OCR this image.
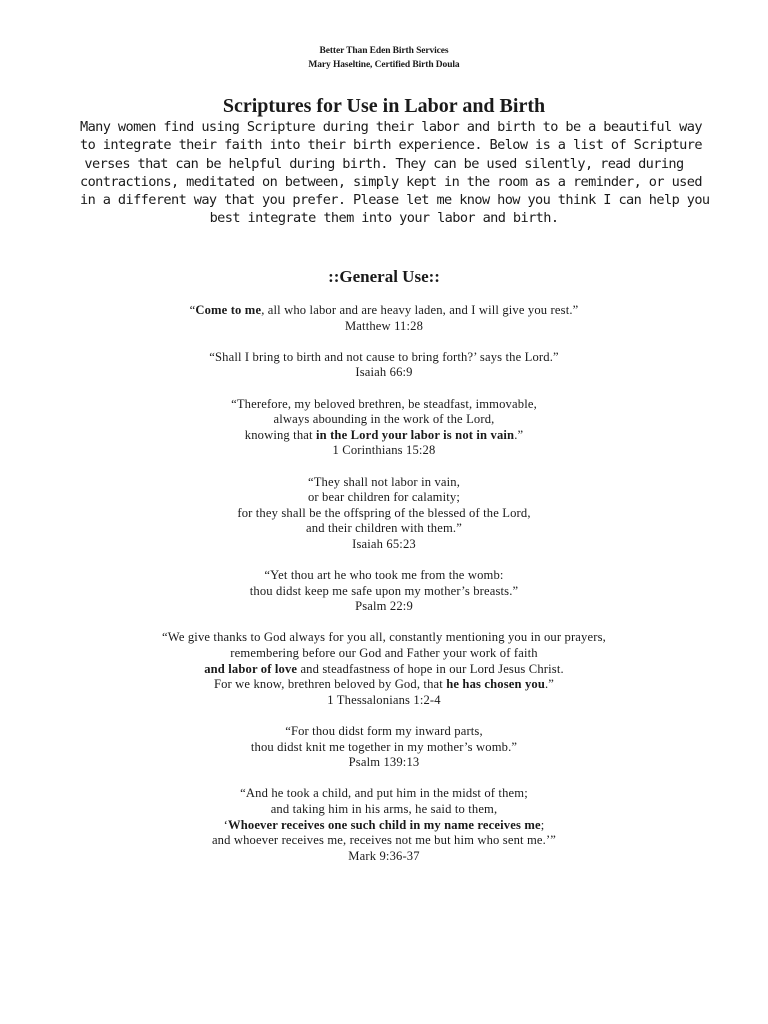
Better Than Eden Birth Services
Mary Haseltine, Certified Birth Doula
Scriptures for Use in Labor and Birth
Many women find using Scripture during their labor and birth to be a beautiful way
to integrate their faith into their birth experience. Below is a list of Scripture
verses that can be helpful during birth. They can be used silently, read during
contractions, meditated on between, simply kept in the room as a reminder, or used
in a different way that you prefer. Please let me know how you think I can help you
best integrate them into your labor and birth.
::General Use::
“Come to me, all who labor and are heavy laden, and I will give you rest.”
Matthew 11:28
“Shall I bring to birth and not cause to bring forth?’ says the Lord.”
Isaiah 66:9
“Therefore, my beloved brethren, be steadfast, immovable,
always abounding in the work of the Lord,
knowing that in the Lord your labor is not in vain.”
1 Corinthians 15:28
“They shall not labor in vain,
or bear children for calamity;
for they shall be the offspring of the blessed of the Lord,
and their children with them.”
Isaiah 65:23
“Yet thou art he who took me from the womb:
thou didst keep me safe upon my mother’s breasts.”
Psalm 22:9
“We give thanks to God always for you all, constantly mentioning you in our prayers,
remembering before our God and Father your work of faith
and labor of love and steadfastness of hope in our Lord Jesus Christ.
For we know, brethren beloved by God, that he has chosen you.”
1 Thessalonians 1:2-4
“For thou didst form my inward parts,
thou didst knit me together in my mother’s womb.”
Psalm 139:13
“And he took a child, and put him in the midst of them;
and taking him in his arms, he said to them,
‘Whoever receives one such child in my name receives me;
and whoever receives me, receives not me but him who sent me.’”
Mark 9:36-37
